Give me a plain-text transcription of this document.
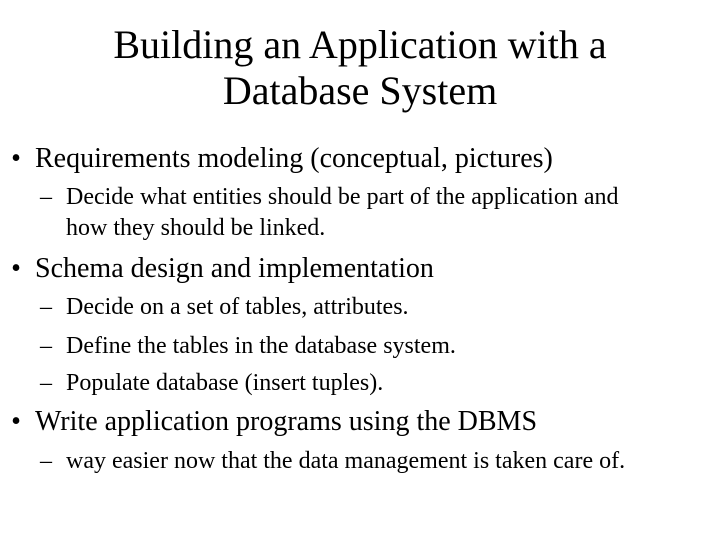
Building an Application with a
Database System
• Requirements modeling (conceptual, pictures)
– Decide what entities should be part of the application and
how they should be linked.
• Schema design and implementation
– Decide on a set of tables, attributes.
– Define the tables in the database system.
– Populate database (insert tuples).
• Write application programs using the DBMS
– way easier now that the data management is taken care of.
